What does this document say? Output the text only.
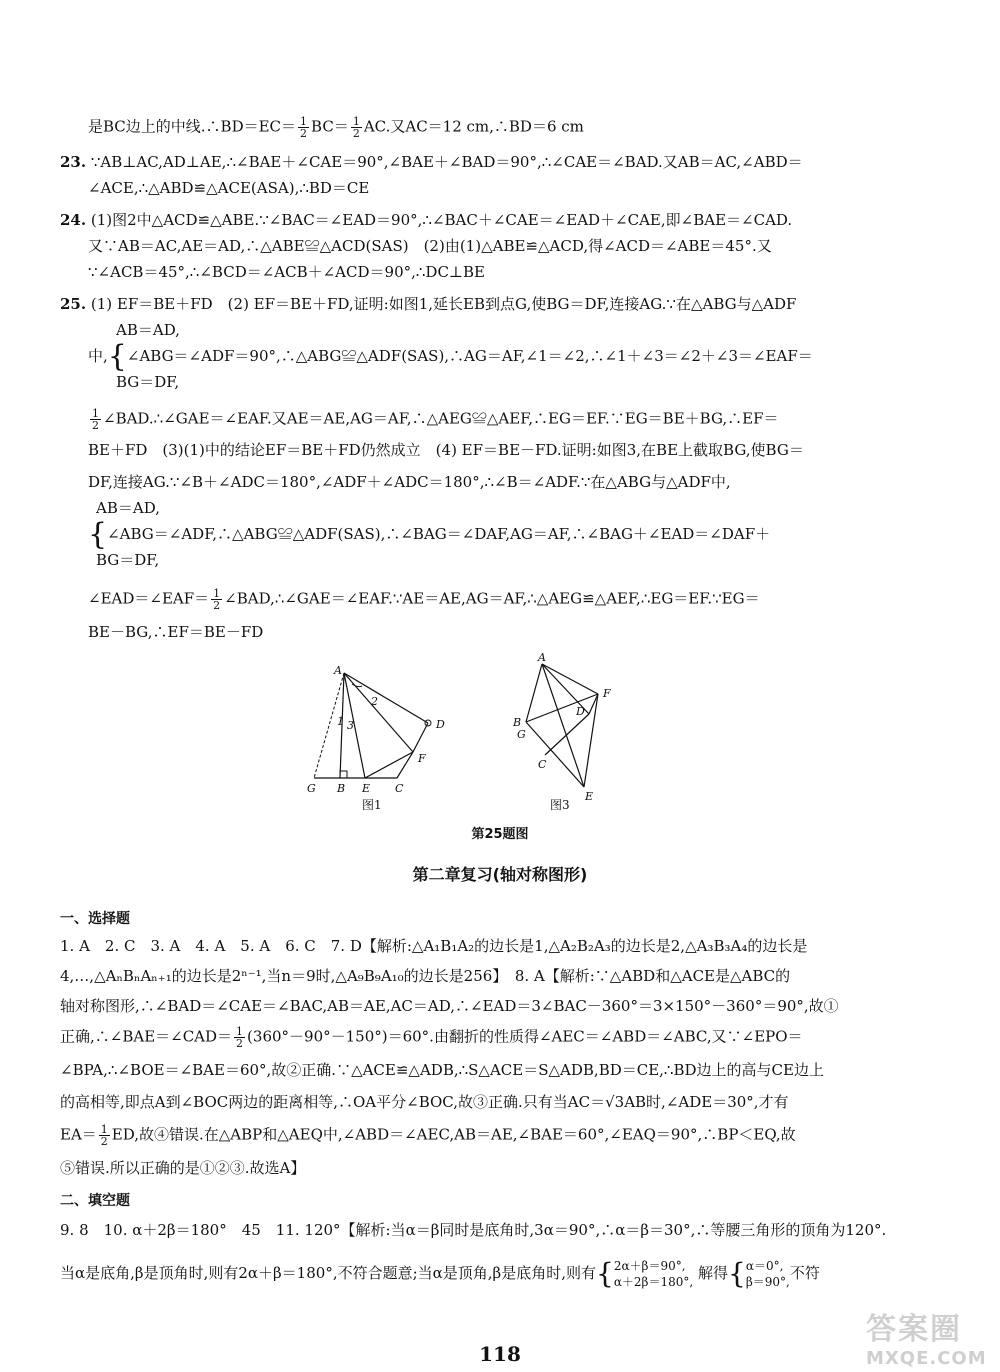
是BC边上的中线.∴BD＝EC＝ $\frac{1}{2} BC= \frac{1}{2}$ AC.又AC＝12 cm,∴BD＝6 cm
23. ∵AB⊥AC,AD⊥AE,∴∠BAE＋∠CAE＝90°,∠BAE＋∠BAD＝90°,∴∠CAE＝∠BAD.又AB＝AC,∠ABD＝
∠ACE,∴△ABD≌△ACE(ASA),∴BD＝CE
24. (1)图2中△ACD≌△ABE.∵∠BAC＝∠EAD＝90°,∴∠BAC＋∠CAE＝∠EAD＋∠CAE,即∠BAE＝∠CAD.
又∵AB＝AC,AE＝AD,∴△ABE≌△ACD(SAS)　(2)由(1)△ABE≌△ACD,得∠ACD＝∠ABE＝45°.又
∵∠ACB＝45°,∴∠BCD＝∠ACB＋∠ACD＝90°,∴DC⊥BE
25. (1) EF＝BE＋FD　(2) EF＝BE＋FD,证明:如图1,延长EB到点G,使BG＝DF,连接AG.∵在△ABG与△ADF
AB＝AD,
中,{∠ABG＝∠ADF＝90°,∴△ABG≌△ADF(SAS),∴AG＝AF,∠1＝∠2,∴∠1＋∠3＝∠2＋∠3＝∠EAF＝
BG＝DF,
$\frac{1}{2}$ ∠BAD.∴∠GAE＝∠EAF.又AE＝AE,AG＝AF,∴△AEG≌△AEF,∴EG＝EF.∵EG＝BE＋BG,∴EF＝
BE＋FD　(3)(1)中的结论EF＝BE＋FD仍然成立　(4) EF＝BE－FD.证明:如图3,在BE上截取BG,使BG＝
DF,连接AG.∵∠B＋∠ADC＝180°,∠ADF＋∠ADC＝180°,∴∠B＝∠ADF.∵在△ABG与△ADF中,
AB＝AD,
{∠ABG＝∠ADF,∴△ABG≌△ADF(SAS),∴∠BAG＝∠DAF,AG＝AF,∴∠BAG＋∠EAD＝∠DAF＋
BG＝DF,
∠EAD＝∠EAF＝ $\frac{1}{2}$ ∠BAD,∴∠GAE＝∠EAF.∵AE＝AE,AG＝AF,∴△AEG≌△AEF,∴EG＝EF.∵EG＝
BE－BG,∴EF＝BE－FD
A
G B E C
F
D
1
2
3
图1
A
F
D
B
G
C
E
图3
第25题图
第二章复习(轴对称图形)
一、选择题
1. A　2. C　3. A　4. A　5. A　6. C　7. D【解析:△A₁B₁A₂的边长是1,△A₂B₂A₃的边长是2,△A₃B₃A₄的边长是
4,…,△AₙBₙAₙ₊₁的边长是2ⁿ⁻¹,当n＝9时,△A₉B₉A₁₀的边长是256】　8. A【解析:∵△ABD和△ACE是△ABC的
轴对称图形,∴∠BAD＝∠CAE＝∠BAC,AB＝AE,AC＝AD,∴∠EAD＝3∠BAC－360°＝3×150°－360°＝90°,故①
正确,∴∠BAE＝∠CAD＝ $\frac{1}{2} (360^\circ-90^\circ-150^\circ)=60^\circ$.由翻折的性质得∠AEC＝∠ABD＝∠ABC,又∵∠EPO＝
∠BPA,∴∠BOE＝∠BAE＝60°,故②正确.∵△ACE≌△ADB,∴S△ACE＝S△ADB,BD＝CE,∴BD边上的高与CE边上
的高相等,即点A到∠BOC两边的距离相等,∴OA平分∠BOC,故③正确.只有当AC＝√3AB时,∠ADE＝30°,才有
$EA= \frac{1}{2}$ ED,故④错误.在△ABP和△AEQ中,∠ABD＝∠AEC,AB＝AE,∠BAE＝60°,∠EAQ＝90°,∴BP＜EQ,故
⑤错误.所以正确的是①②③.故选A】
二、填空题
9. 8　10. α＋2β＝180°　45　11. 120°【解析:当α＝β同时是底角时,3α＝90°,∴α＝β＝30°,∴等腰三角形的顶角为120°.
当α是底角,β是顶角时,则有2α＋β＝180°,不符合题意;当α是顶角,β是底角时,则有{ 2α＋β＝90°,
α＋2β＝180°, 解得{ α＝0°,
β＝90°, 不符
118
答案圈
MXQE.COM
